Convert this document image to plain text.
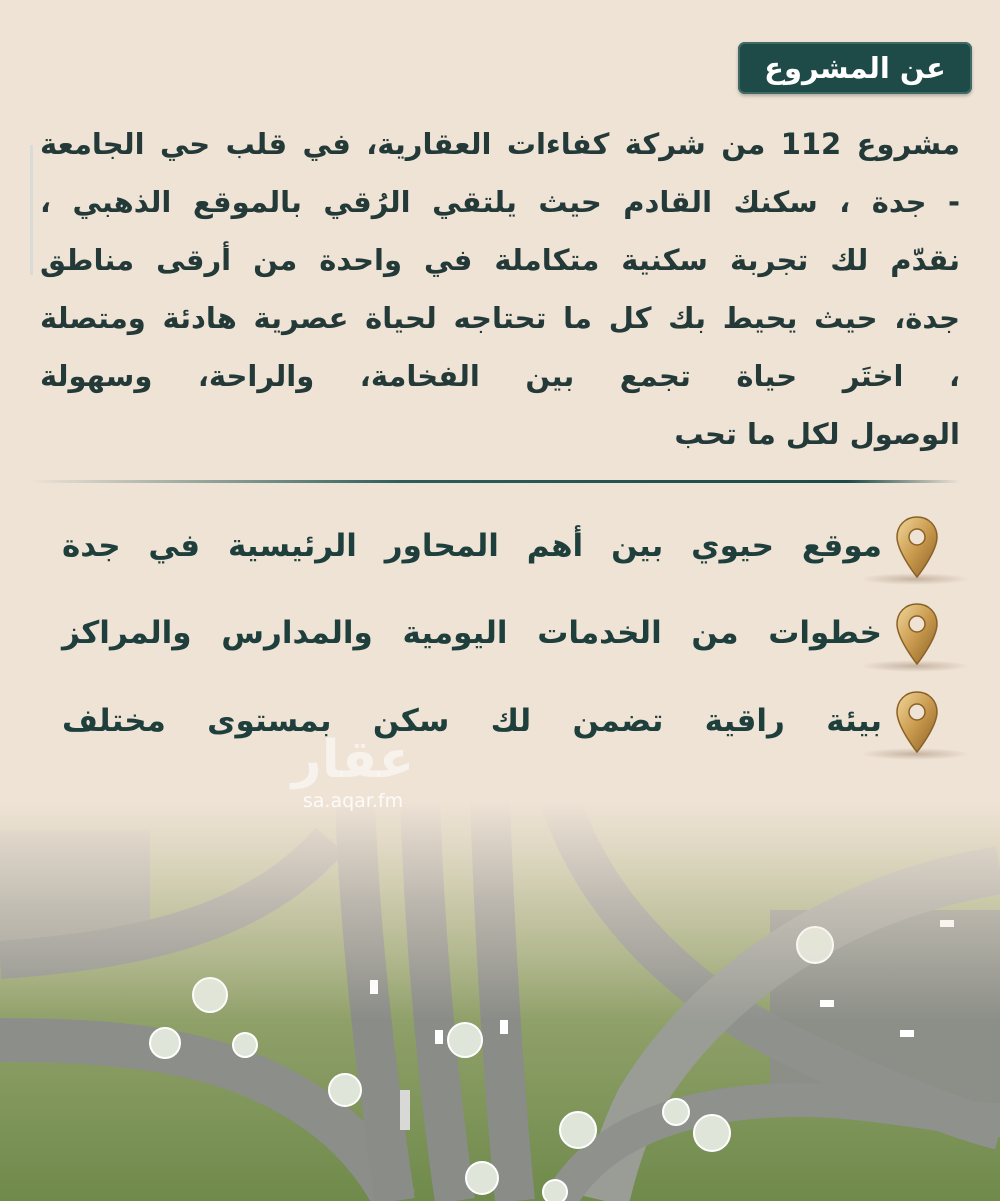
عن المشروع
مشروع 112 من شركة كفاءات العقارية، في قلب حي الجامعة
- جدة ، سكنك القادم حيث يلتقي الرُقي بالموقع الذهبي ،
نقدّم لك تجربة سكنية متكاملة في واحدة من أرقى مناطق
جدة، حيث يحيط بك كل ما تحتاجه لحياة عصرية هادئة ومتصلة
، اختَر حياة تجمع بين الفخامة، والراحة، وسهولة
الوصول لكل ما تحب
موقع حيوي بين أهم المحاور الرئيسية في جدة
خطوات من الخدمات اليومية والمدارس والمراكز
بيئة راقية تضمن لك سكن بمستوى مختلف
عقار
sa.aqar.fm
